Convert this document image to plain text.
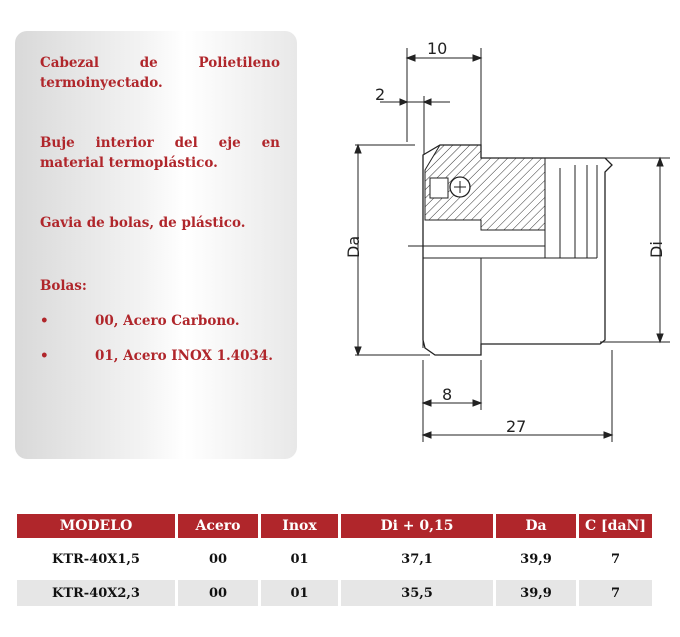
Cabezal de Polietileno termoinyectado.
Buje interior del eje en material termoplástico.
Gavia de bolas, de plástico.
Bolas:
•	00, Acero Carbono.
•	01, Acero INOX 1.4034.
10
2
Da	Di
8
27
MODELO	Acero	Inox	Di + 0,15	Da	C [daN]

KTR-40X1,5	00	01	37,1	39,9	7

KTR-40X2,3	00	01	35,5	39,9	7
